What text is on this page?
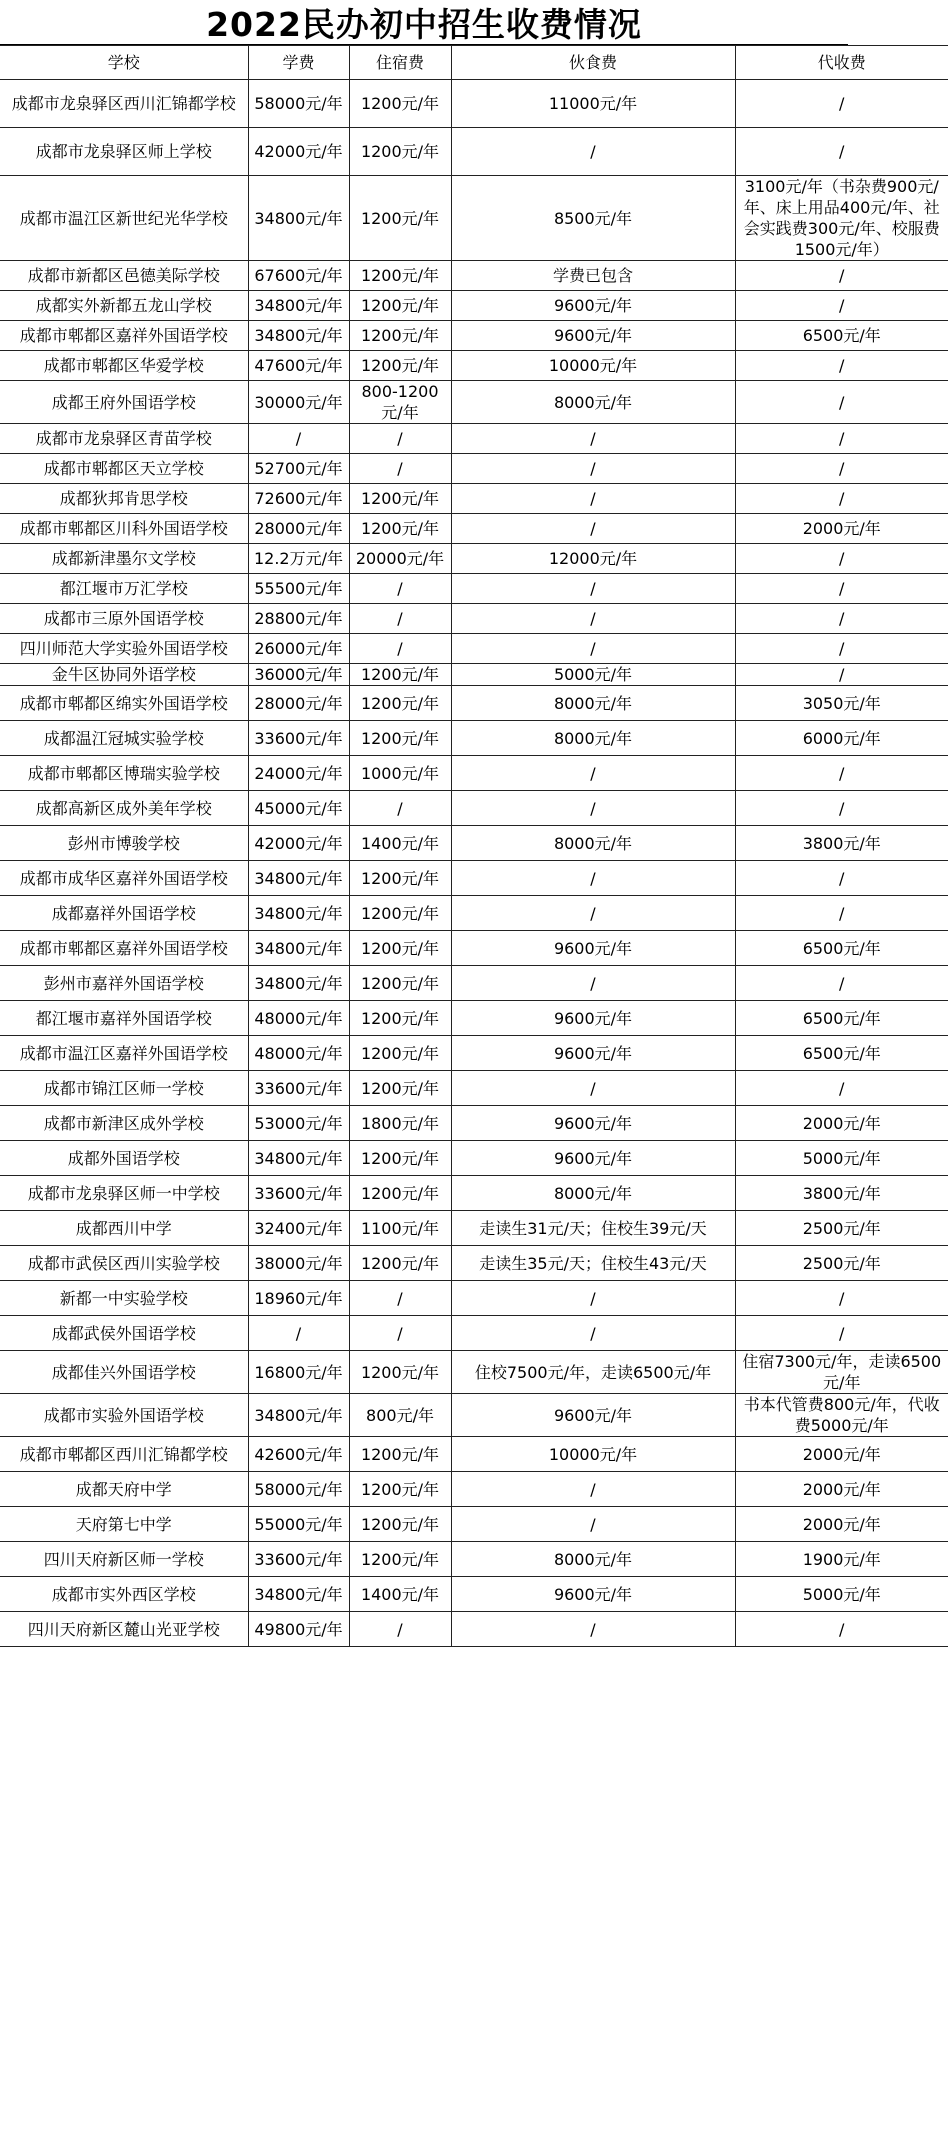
2022民办初中招生收费情况
学校	学费	住宿费	伙食费	代收费
成都市龙泉驿区西川汇锦都学校	58000元/年	1200元/年	11000元/年	/
成都市龙泉驿区师上学校	42000元/年	1200元/年	/	/
成都市温江区新世纪光华学校	34800元/年	1200元/年	8500元/年	3100元/年（书杂费900元/年、床上用品400元/年、社会实践费300元/年、校服费1500元/年）
成都市新都区邑德美际学校	67600元/年	1200元/年	学费已包含	/
成都实外新都五龙山学校	34800元/年	1200元/年	9600元/年	/
成都市郫都区嘉祥外国语学校	34800元/年	1200元/年	9600元/年	6500元/年
成都市郫都区华爱学校	47600元/年	1200元/年	10000元/年	/
成都王府外国语学校	30000元/年	800-1200元/年	8000元/年	/
成都市龙泉驿区青苗学校	/	/	/	/
成都市郫都区天立学校	52700元/年	/	/	/
成都狄邦肯思学校	72600元/年	1200元/年	/	/
成都市郫都区川科外国语学校	28000元/年	1200元/年	/	2000元/年
成都新津墨尔文学校	12.2万元/年	20000元/年	12000元/年	/
都江堰市万汇学校	55500元/年	/	/	/
成都市三原外国语学校	28800元/年	/	/	/
四川师范大学实验外国语学校	26000元/年	/	/	/
金牛区协同外语学校	36000元/年	1200元/年	5000元/年	/
成都市郫都区绵实外国语学校	28000元/年	1200元/年	8000元/年	3050元/年
成都温江冠城实验学校	33600元/年	1200元/年	8000元/年	6000元/年
成都市郫都区博瑞实验学校	24000元/年	1000元/年	/	/
成都高新区成外美年学校	45000元/年	/	/	/
彭州市博骏学校	42000元/年	1400元/年	8000元/年	3800元/年
成都市成华区嘉祥外国语学校	34800元/年	1200元/年	/	/
成都嘉祥外国语学校	34800元/年	1200元/年	/	/
成都市郫都区嘉祥外国语学校	34800元/年	1200元/年	9600元/年	6500元/年
彭州市嘉祥外国语学校	34800元/年	1200元/年	/	/
都江堰市嘉祥外国语学校	48000元/年	1200元/年	9600元/年	6500元/年
成都市温江区嘉祥外国语学校	48000元/年	1200元/年	9600元/年	6500元/年
成都市锦江区师一学校	33600元/年	1200元/年	/	/
成都市新津区成外学校	53000元/年	1800元/年	9600元/年	2000元/年
成都外国语学校	34800元/年	1200元/年	9600元/年	5000元/年
成都市龙泉驿区师一中学校	33600元/年	1200元/年	8000元/年	3800元/年
成都西川中学	32400元/年	1100元/年	走读生31元/天；住校生39元/天	2500元/年
成都市武侯区西川实验学校	38000元/年	1200元/年	走读生35元/天；住校生43元/天	2500元/年
新都一中实验学校	18960元/年	/	/	/
成都武侯外国语学校	/	/	/	/
成都佳兴外国语学校	16800元/年	1200元/年	住校7500元/年，走读6500元/年	住宿7300元/年，走读6500元/年
成都市实验外国语学校	34800元/年	800元/年	9600元/年	书本代管费800元/年，代收费5000元/年
成都市郫都区西川汇锦都学校	42600元/年	1200元/年	10000元/年	2000元/年
成都天府中学	58000元/年	1200元/年	/	2000元/年
天府第七中学	55000元/年	1200元/年	/	2000元/年
四川天府新区师一学校	33600元/年	1200元/年	8000元/年	1900元/年
成都市实外西区学校	34800元/年	1400元/年	9600元/年	5000元/年
四川天府新区麓山光亚学校	49800元/年	/	/	/
